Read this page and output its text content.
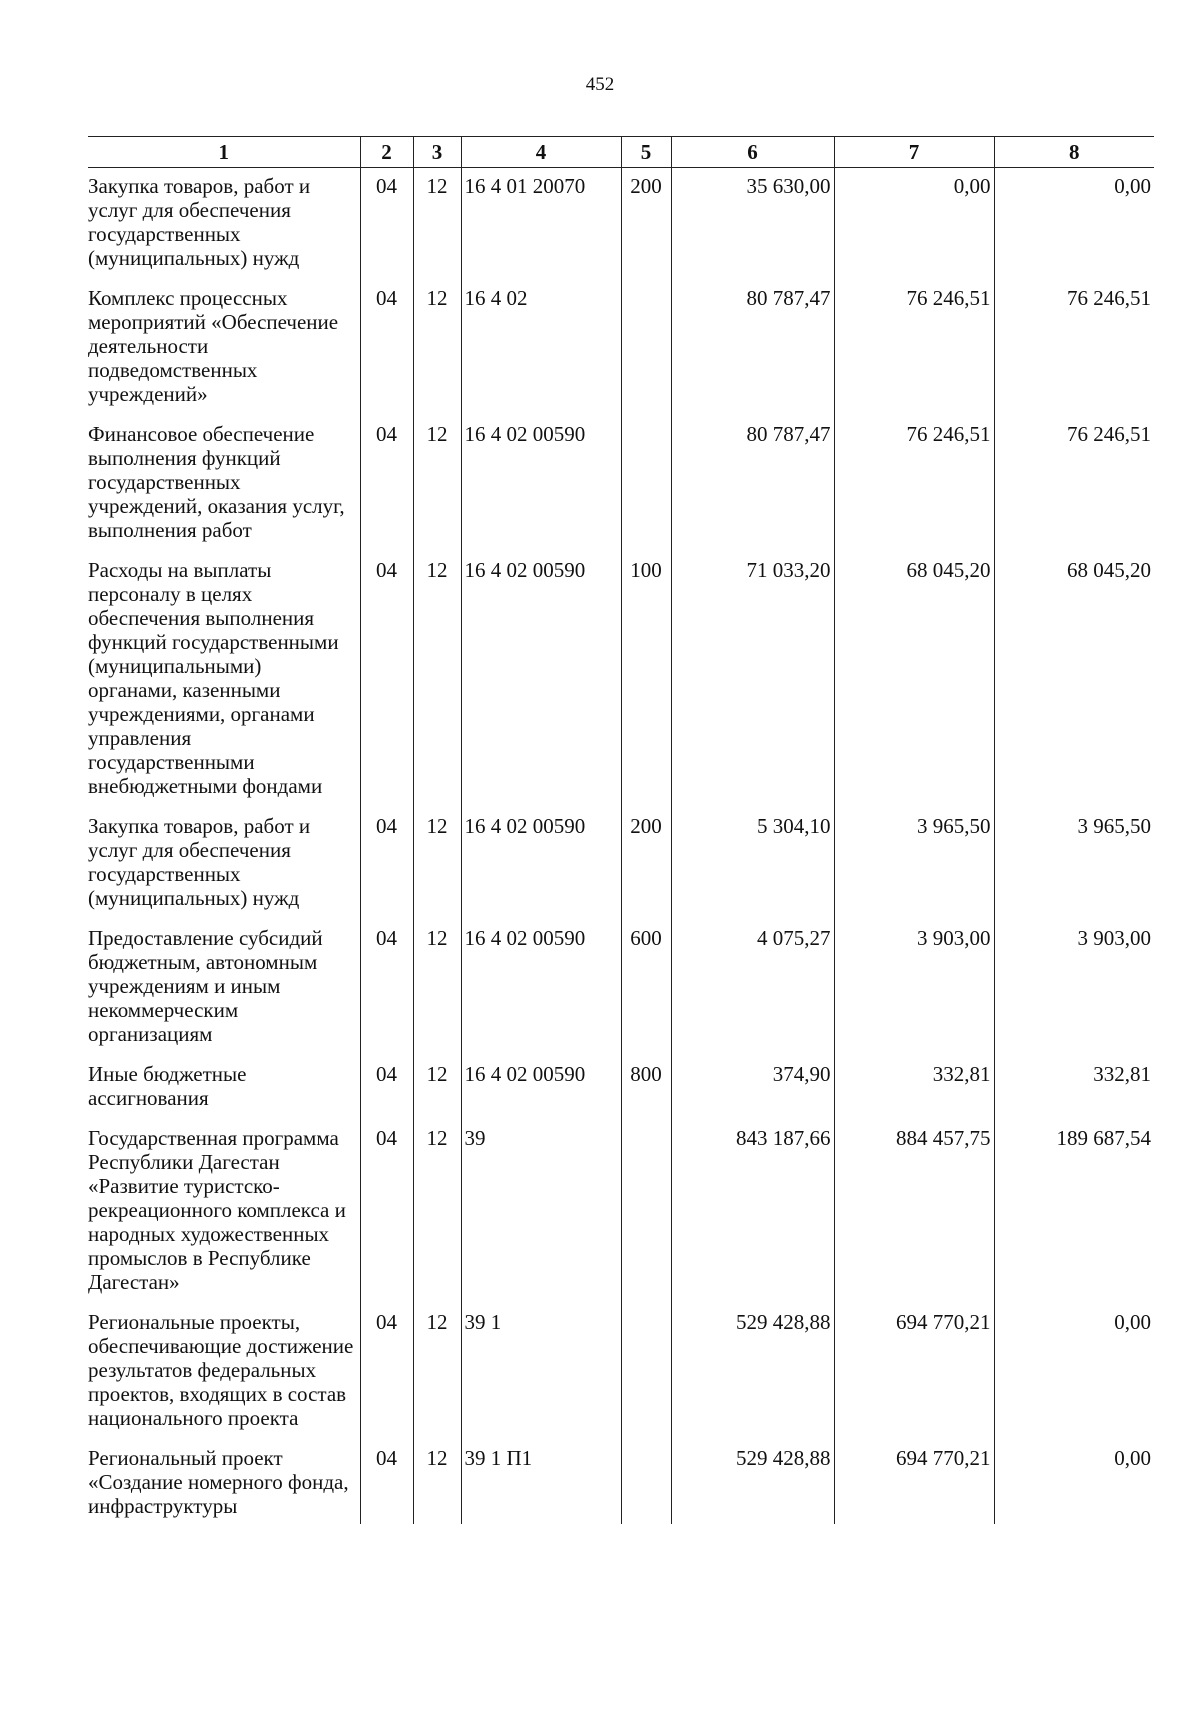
452
1	2	3	4	5	6	7	8
Закупка товаров, работ и услуг для обеспечения государственных (муниципальных) нужд	04	12	16 4 01 20070	200	35 630,00	0,00	0,00
Комплекс процессных мероприятий «Обеспечение деятельности подведомственных учреждений»	04	12	16 4 02		80 787,47	76 246,51	76 246,51
Финансовое обеспечение выполнения функций государственных учреждений, оказания услуг, выполнения работ	04	12	16 4 02 00590		80 787,47	76 246,51	76 246,51
Расходы на выплаты персоналу в целях обеспечения выполнения функций государственными (муниципальными) органами, казенными учреждениями, органами управления государственными внебюджетными фондами	04	12	16 4 02 00590	100	71 033,20	68 045,20	68 045,20
Закупка товаров, работ и услуг для обеспечения государственных (муниципальных) нужд	04	12	16 4 02 00590	200	5 304,10	3 965,50	3 965,50
Предоставление субсидий бюджетным, автономным учреждениям и иным некоммерческим организациям	04	12	16 4 02 00590	600	4 075,27	3 903,00	3 903,00
Иные бюджетные ассигнования	04	12	16 4 02 00590	800	374,90	332,81	332,81
Государственная программа Республики Дагестан «Развитие туристско-рекреационного комплекса и народных художественных промыслов в Республике Дагестан»	04	12	39		843 187,66	884 457,75	189 687,54
Региональные проекты, обеспечивающие достижение результатов федеральных проектов, входящих в состав национального проекта	04	12	39 1		529 428,88	694 770,21	0,00
Региональный проект «Создание номерного фонда, инфраструктуры	04	12	39 1 П1		529 428,88	694 770,21	0,00
